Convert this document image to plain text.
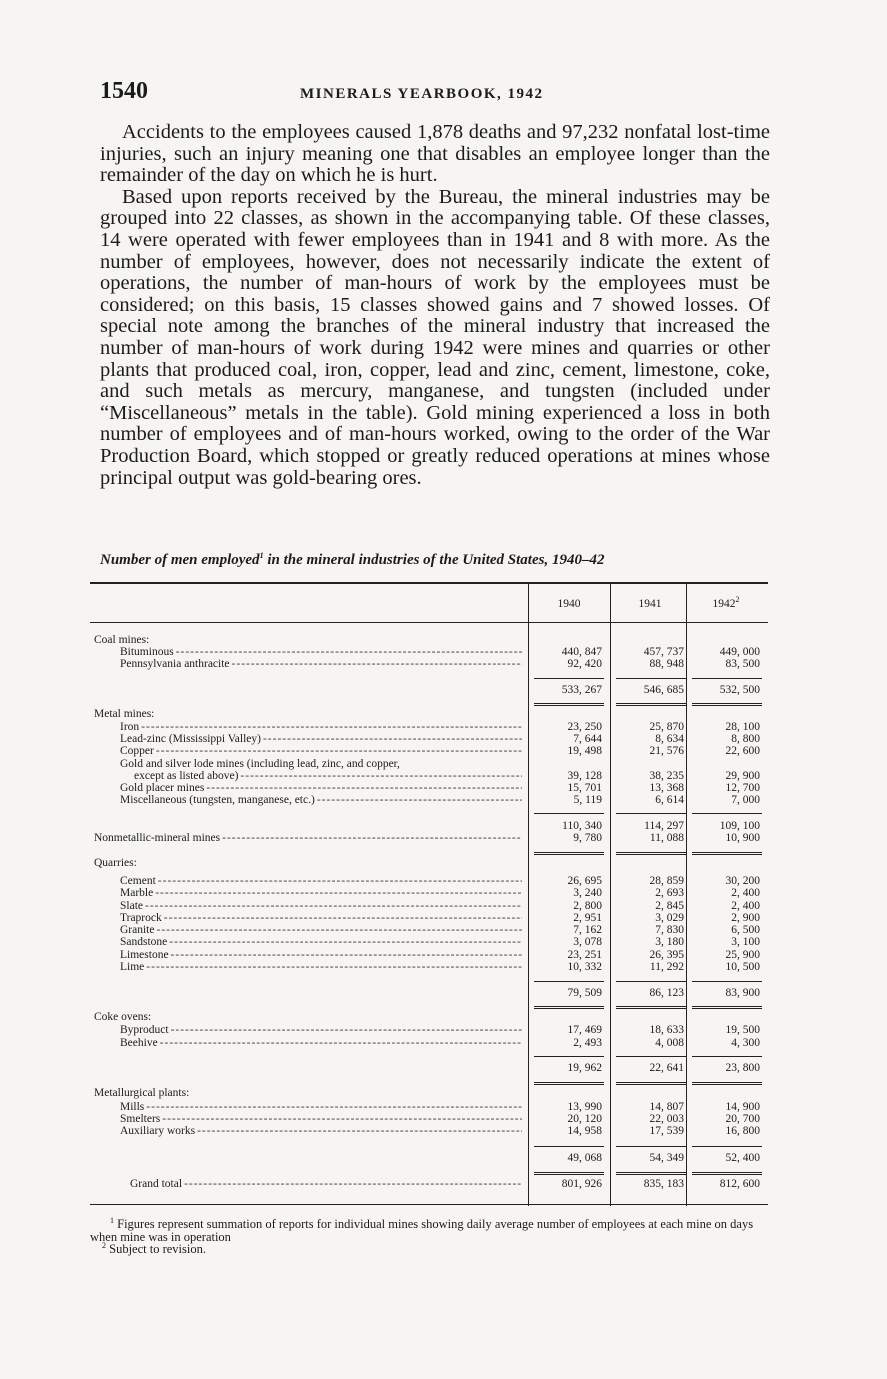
1540	MINERALS YEARBOOK, 1942

Accidents to the employees caused 1,878 deaths and 97,232 nonfatal lost-time injuries, such an injury meaning one that disables an employee longer than the remainder of the day on which he is hurt.

Based upon reports received by the Bureau, the mineral industries may be grouped into 22 classes, as shown in the accompanying table. Of these classes, 14 were operated with fewer employees than in 1941 and 8 with more. As the number of employees, however, does not necessarily indicate the extent of operations, the number of man-hours of work by the employees must be considered; on this basis, 15 classes showed gains and 7 showed losses. Of special note among the branches of the mineral industry that increased the number of man-hours of work during 1942 were mines and quarries or other plants that produced coal, iron, copper, lead and zinc, cement, limestone, coke, and such metals as mercury, manganese, and tungsten (included under “Miscellaneous” metals in the table). Gold mining experienced a loss in both number of employees and of man-hours worked, owing to the order of the War Production Board, which stopped or greatly reduced operations at mines whose principal output was gold-bearing ores.

Number of men employed$^1$ in the mineral industries of the United States, 1940–42
1940	1941	1942$^2$
Coal mines:
Bituminous -----	440, 847	457, 737	449, 000
Pennsylvania anthracite -----	92, 420	88, 948	83, 500
533, 267	546, 685	532, 500
Metal mines:
Iron -----	23, 250	25, 870	28, 100
Lead-zinc (Mississippi Valley) -----	7, 644	8, 634	8, 800
Copper -----	19, 498	21, 576	22, 600
Gold and silver lode mines (including lead, zinc, and copper,
except as listed above) -----	39, 128	38, 235	29, 900
Gold placer mines -----	15, 701	13, 368	12, 700
Miscellaneous (tungsten, manganese, etc.) -----	5, 119	6, 614	7, 000
110, 340	114, 297	109, 100
Nonmetallic-mineral mines -----	9, 780	11, 088	10, 900
Quarries:
Cement -----	26, 695	28, 859	30, 200
Marble -----	3, 240	2, 693	2, 400
Slate -----	2, 800	2, 845	2, 400
Traprock -----	2, 951	3, 029	2, 900
Granite -----	7, 162	7, 830	6, 500
Sandstone -----	3, 078	3, 180	3, 100
Limestone -----	23, 251	26, 395	25, 900
Lime -----	10, 332	11, 292	10, 500
79, 509	86, 123	83, 900
Coke ovens:
Byproduct -----	17, 469	18, 633	19, 500
Beehive -----	2, 493	4, 008	4, 300
19, 962	22, 641	23, 800
Metallurgical plants:
Mills -----	13, 990	14, 807	14, 900
Smelters -----	20, 120	22, 003	20, 700
Auxiliary works -----	14, 958	17, 539	16, 800
49, 068	54, 349	52, 400
Grand total -----	801, 926	835, 183	812, 600
$^1$ Figures represent summation of reports for individual mines showing daily average number of employees at each mine on days when mine was in operation
$^2$ Subject to revision.
